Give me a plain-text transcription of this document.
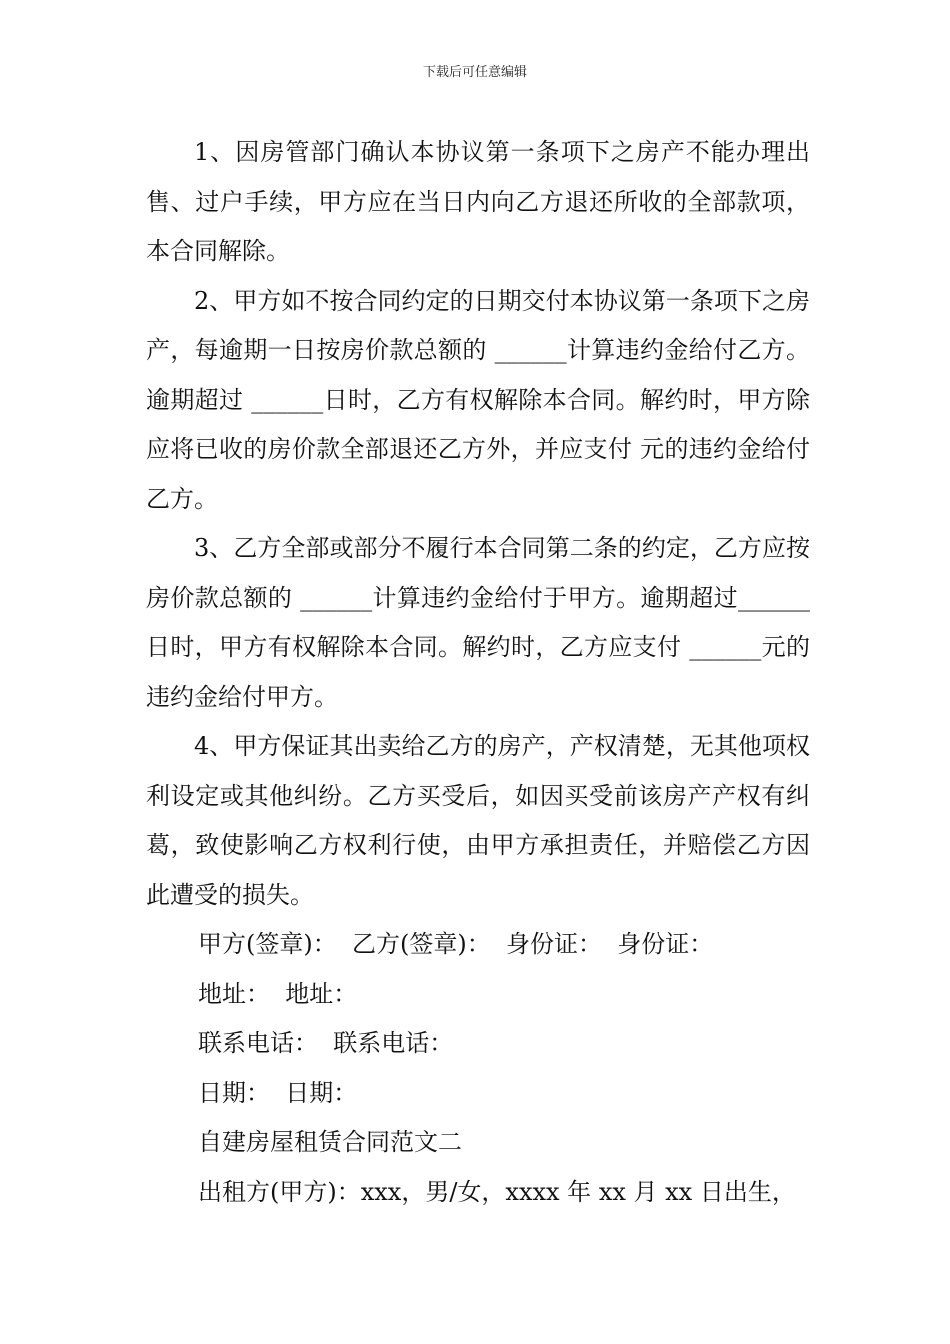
下载后可任意编辑

1、因房管部门确认本协议第一条项下之房产不能办理出售、过户手续，甲方应在当日内向乙方退还所收的全部款项，本合同解除。

2、甲方如不按合同约定的日期交付本协议第一条项下之房产，每逾期一日按房价款总额的 ______计算违约金给付乙方。逾期超过 ______日时，乙方有权解除本合同。解约时，甲方除应将已收的房价款全部退还乙方外，并应支付 元的违约金给付乙方。

3、乙方全部或部分不履行本合同第二条的约定，乙方应按房价款总额的 ______计算违约金给付于甲方。逾期超过______ 日时，甲方有权解除本合同。解约时，乙方应支付 ______元的违约金给付甲方。

4、甲方保证其出卖给乙方的房产，产权清楚，无其他项权利设定或其他纠纷。乙方买受后，如因买受前该房产产权有纠葛，致使影响乙方权利行使，由甲方承担责任，并赔偿乙方因此遭受的损失。

甲方(签章)：  乙方(签章)：  身份证：  身份证：

地址：  地址：

联系电话：  联系电话：

日期：  日期：

自建房屋租赁合同范文二

出租方(甲方)：xxx，男/女，xxxx 年 xx 月 xx 日出生，
